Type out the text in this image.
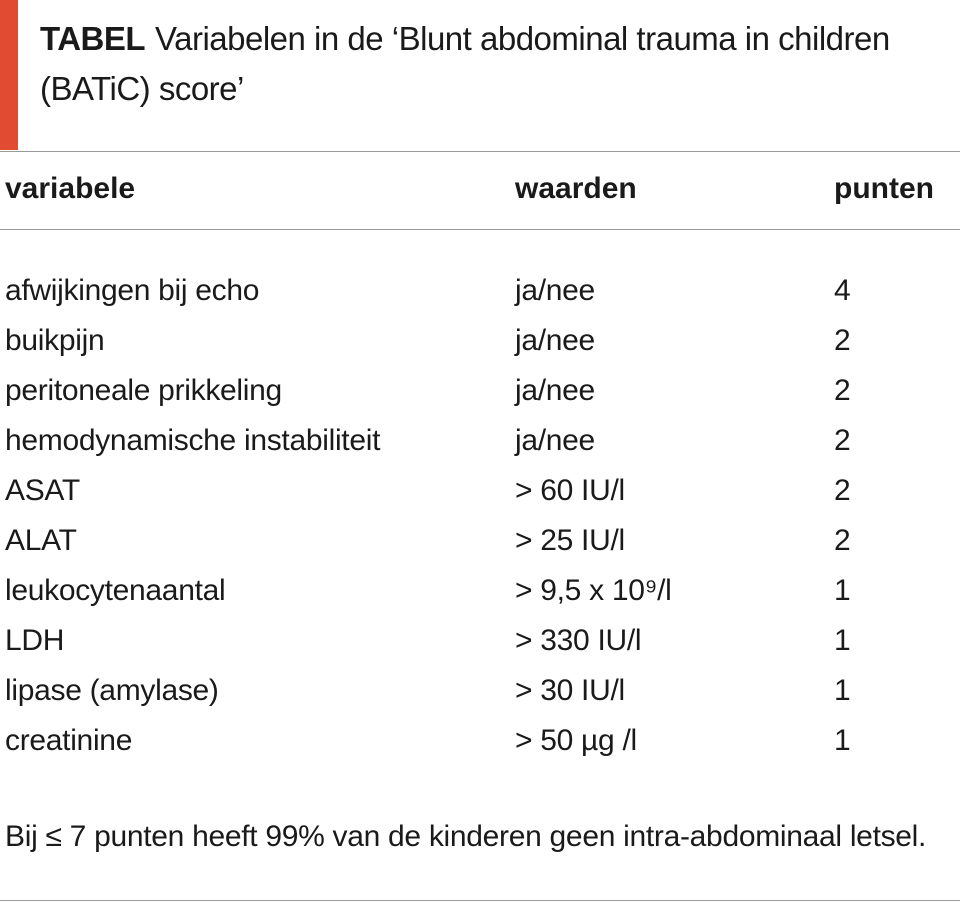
TABEL Variabelen in de ‘Blunt abdominal trauma in children (BATiC) score’
variabele	waarden	punten
afwijkingen bij echo	ja/nee	4
buikpijn	ja/nee	2
peritoneale prikkeling	ja/nee	2
hemodynamische instabiliteit	ja/nee	2
ASAT	> 60 IU/l	2
ALAT	> 25 IU/l	2
leukocytenaantal	> 9,5 x 10⁹/l	1
LDH	> 330 IU/l	1
lipase (amylase)	> 30 IU/l	1
creatinine	> 50 µg /l	1
Bij ≤ 7 punten heeft 99% van de kinderen geen intra-abdominaal letsel.
